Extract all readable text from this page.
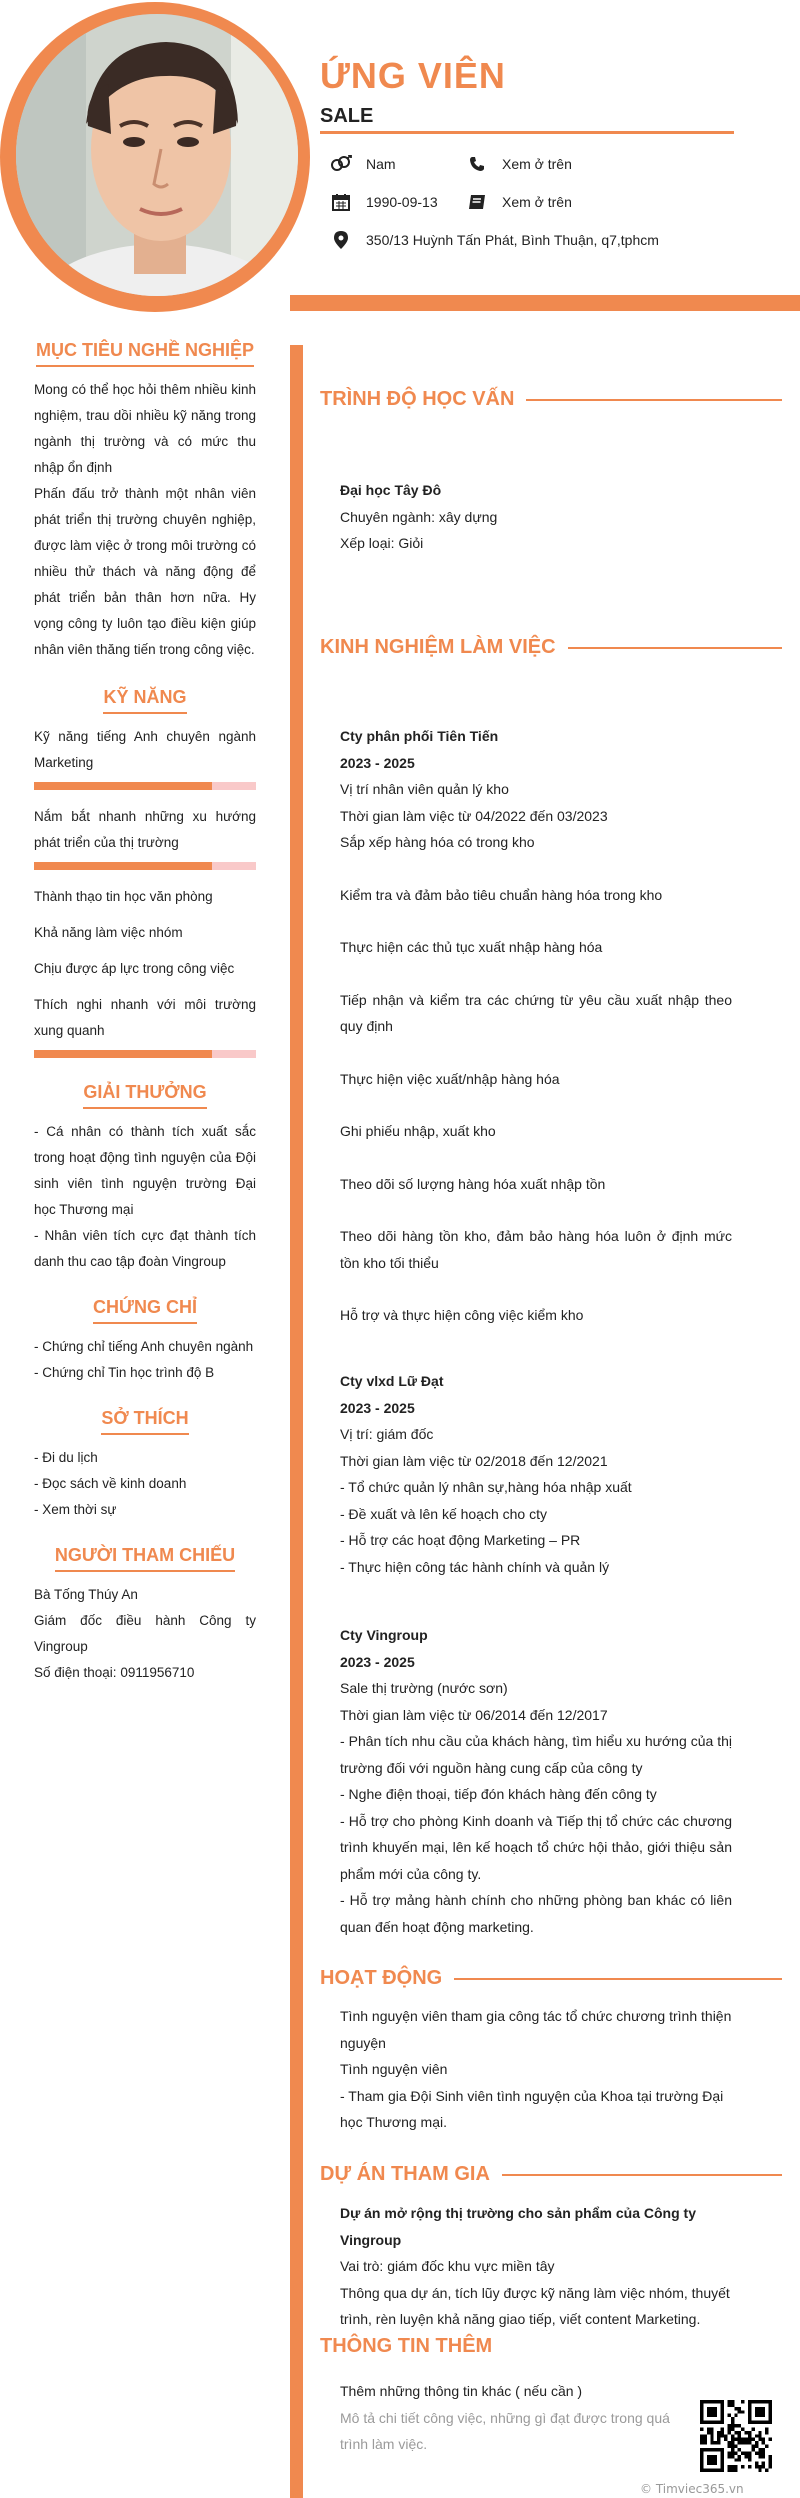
ỨNG VIÊN
SALE
Nam	Xem ở trên
1990-09-13	Xem ở trên
350/13 Huỳnh Tấn Phát, Bình Thuận, q7,tphcm
MỤC TIÊU NGHỀ NGHIỆP
Mong có thể học hỏi thêm nhiều kinh nghiệm, trau dồi nhiều kỹ năng trong ngành thị trường và có mức thu nhập ổn định
Phấn đấu trở thành một nhân viên phát triển thị trường chuyên nghiệp, được làm việc ở trong môi trường có nhiều thử thách và năng động để phát triển bản thân hơn nữa. Hy vọng công ty luôn tạo điều kiện giúp nhân viên thăng tiến trong công việc.
KỸ NĂNG
Kỹ năng tiếng Anh chuyên ngành Marketing
Nắm bắt nhanh những xu hướng phát triển của thị trường
Thành thạo tin học văn phòng
Khả năng làm việc nhóm
Chịu được áp lực trong công việc
Thích nghi nhanh với môi trường xung quanh
GIẢI THƯỞNG
- Cá nhân có thành tích xuất sắc trong hoạt động tình nguyện của Đội sinh viên tình nguyện trường Đại học Thương mại
- Nhân viên tích cực đạt thành tích danh thu cao tập đoàn Vingroup
CHỨNG CHỈ
- Chứng chỉ tiếng Anh chuyên ngành
- Chứng chỉ Tin học trình độ B
SỞ THÍCH
- Đi du lịch
- Đọc sách về kinh doanh
- Xem thời sự
NGƯỜI THAM CHIẾU
Bà Tống Thúy An
Giám đốc điều hành Công ty Vingroup
Số điện thoại: 0911956710
TRÌNH ĐỘ HỌC VẤN
Đại học Tây Đô
Chuyên ngành: xây dựng
Xếp loại: Giỏi
KINH NGHIỆM LÀM VIỆC
Cty phân phối Tiên Tiến
2023 - 2025
Vị trí nhân viên quản lý kho
Thời gian làm việc từ 04/2022 đến 03/2023
Sắp xếp hàng hóa có trong kho
Kiểm tra và đảm bảo tiêu chuẩn hàng hóa trong kho
Thực hiện các thủ tục xuất nhập hàng hóa
Tiếp nhận và kiểm tra các chứng từ yêu cầu xuất nhập theo quy định
Thực hiện việc xuất/nhập hàng hóa
Ghi phiếu nhập, xuất kho
Theo dõi số lượng hàng hóa xuất nhập tồn
Theo dõi hàng tồn kho, đảm bảo hàng hóa luôn ở định mức tồn kho tối thiểu
Hỗ trợ và thực hiện công việc kiểm kho
Cty vlxd Lữ Đạt
2023 - 2025
Vị trí: giám đốc
Thời gian làm việc từ 02/2018 đến 12/2021
- Tổ chức quản lý nhân sự,hàng hóa nhập xuất
- Đề xuất và lên kế hoạch cho cty
- Hỗ trợ các hoạt động Marketing – PR
- Thực hiện công tác hành chính và quản lý
Cty Vingroup
2023 - 2025
Sale thị trường (nước sơn)
Thời gian làm việc từ 06/2014 đến 12/2017
- Phân tích nhu cầu của khách hàng, tìm hiểu xu hướng của thị trường đối với nguồn hàng cung cấp của công ty
- Nghe điện thoại, tiếp đón khách hàng đến công ty
- Hỗ trợ cho phòng Kinh doanh và Tiếp thị tổ chức các chương trình khuyến mại, lên kế hoạch tổ chức hội thảo, giới thiệu sản phẩm mới của công ty.
- Hỗ trợ mảng hành chính cho những phòng ban khác có liên quan đến hoạt động marketing.
HOẠT ĐỘNG
Tình nguyện viên tham gia công tác tổ chức chương trình thiện nguyện
Tình nguyện viên
- Tham gia Đội Sinh viên tình nguyện của Khoa tại trường Đại học Thương mại.
DỰ ÁN THAM GIA
Dự án mở rộng thị trường cho sản phẩm của Công ty Vingroup
Vai trò: giám đốc khu vực miền tây
Thông qua dự án, tích lũy được kỹ năng làm việc nhóm, thuyết trình, rèn luyện khả năng giao tiếp, viết content Marketing.
THÔNG TIN THÊM
Thêm những thông tin khác ( nếu cần )
Mô tả chi tiết công việc, những gì đạt được trong quá trình làm việc.
© Timviec365.vn
